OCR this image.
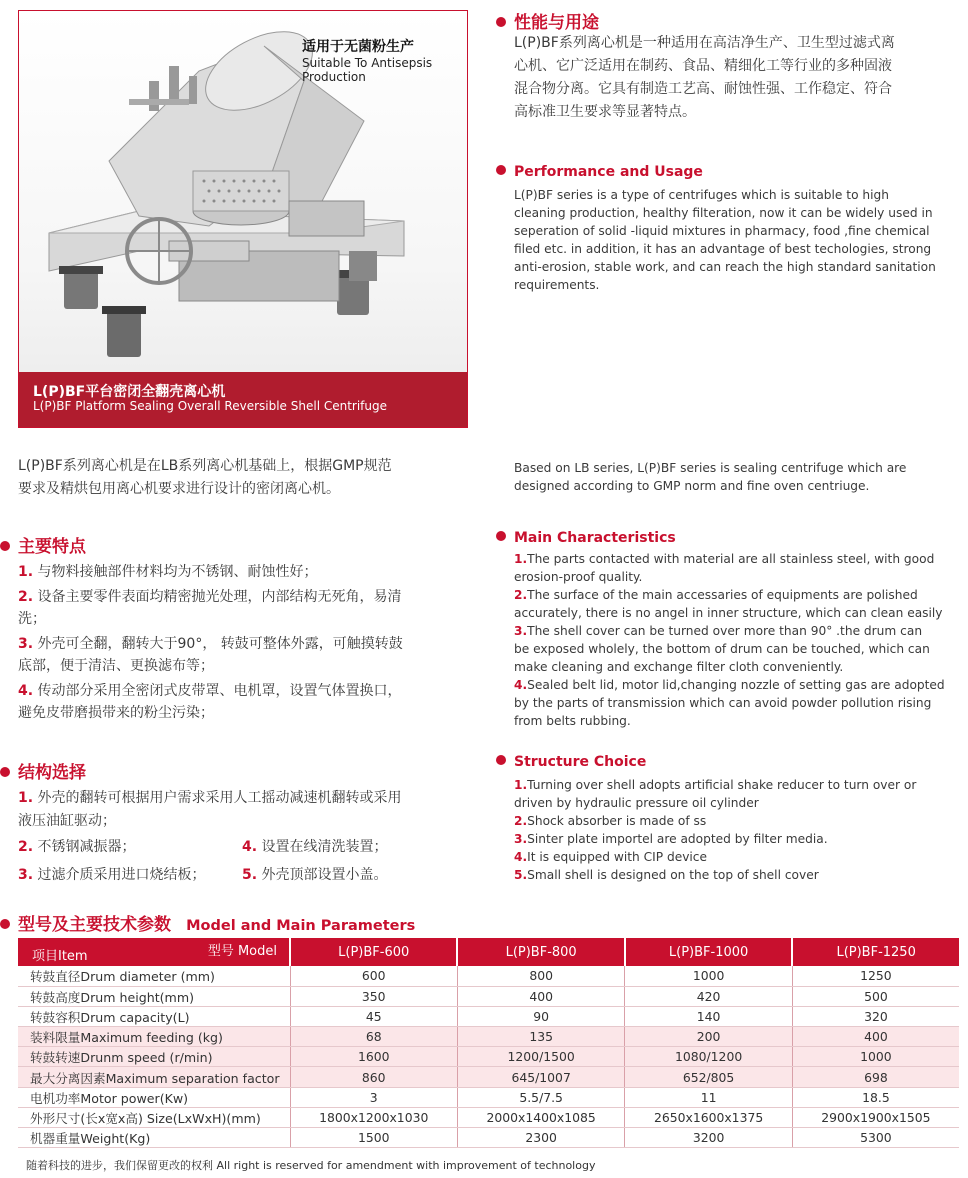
L(P)BF平台密闭全翻壳离心机
L(P)BF Platform Sealing Overall Reversible Shell Centrifuge
适用于无菌粉生产
Suitable To Antisepsis
Production
性能与用途
L(P)BF系列离心机是一种适用在高洁净生产、卫生型过滤式离
心机、它广泛适用在制药、食品、精细化工等行业的多种固液
混合物分离。它具有制造工艺高、耐蚀性强、工作稳定、符合
高标准卫生要求等显著特点。
Performance and Usage
L(P)BF series is a type of centrifuges which is suitable to high
cleaning production, healthy filteration, now it can be widely used in
seperation of solid -liquid mixtures in pharmacy, food ,fine chemical
filed etc. in addition, it has an advantage of best techologies, strong
anti-erosion, stable work, and can reach the high standard sanitation
requirements.
L(P)BF系列离心机是在LB系列离心机基础上，根据GMP规范
要求及精烘包用离心机要求进行设计的密闭离心机。
Based on LB series, L(P)BF series is sealing centrifuge which are
designed according to GMP norm and fine oven centriuge.
主要特点
1. 与物料接触部件材料均为不锈钢、耐蚀性好；
2. 设备主要零件表面均精密抛光处理，内部结构无死角，易清
洗；
3. 外壳可全翻，翻转大于90°， 转鼓可整体外露，可触摸转鼓
底部，便于清洁、更换滤布等；
4. 传动部分采用全密闭式皮带罩、电机罩，设置气体置换口，
避免皮带磨损带来的粉尘污染；
Main Characteristics
1.The parts contacted with material are all stainless steel, with good
erosion-proof quality.
2.The surface of the main accessaries of equipments are polished
accurately, there is no angel in inner structure, which can clean easily
3.The shell cover can be turned over more than 90° .the drum can
be exposed wholely, the bottom of drum can be touched, which can
make cleaning and exchange filter cloth conveniently.
4.Sealed belt lid, motor lid,changing nozzle of setting gas are adopted
by the parts of transmission which can avoid powder pollution rising
from belts rubbing.
结构选择
1. 外壳的翻转可根据用户需求采用人工摇动减速机翻转或采用
液压油缸驱动；
2. 不锈钢减振器；	4. 设置在线清洗装置；
3. 过滤介质采用进口烧结板；	5. 外壳顶部设置小盖。
Structure Choice
1.Turning over shell adopts artificial shake reducer to turn over or
driven by hydraulic pressure oil cylinder
2.Shock absorber is made of ss
3.Sinter plate importel are adopted by filter media.
4.It is equipped with CIP device
5.Small shell is designed on the top of shell cover
型号及主要技术参数 Model and Main Parameters
型号 Model
项目Item	L(P)BF-600	L(P)BF-800	L(P)BF-1000	L(P)BF-1250
转鼓直径Drum diameter (mm)	600	800	1000	1250
转鼓高度Drum height(mm)	350	400	420	500
转鼓容积Drum capacity(L)	45	90	140	320
装料限量Maximum feeding (kg)	68	135	200	400
转鼓转速Drunm speed (r/min)	1600	1200/1500	1080/1200	1000
最大分离因素Maximum separation factor	860	645/1007	652/805	698
电机功率Motor power(Kw)	3	5.5/7.5	11	18.5
外形尺寸(长x宽x高) Size(LxWxH)(mm)	1800x1200x1030	2000x1400x1085	2650x1600x1375	2900x1900x1505
机器重量Weight(Kg)	1500	2300	3200	5300
随着科技的进步，我们保留更改的权利 All right is reserved for amendment with improvement of technology
